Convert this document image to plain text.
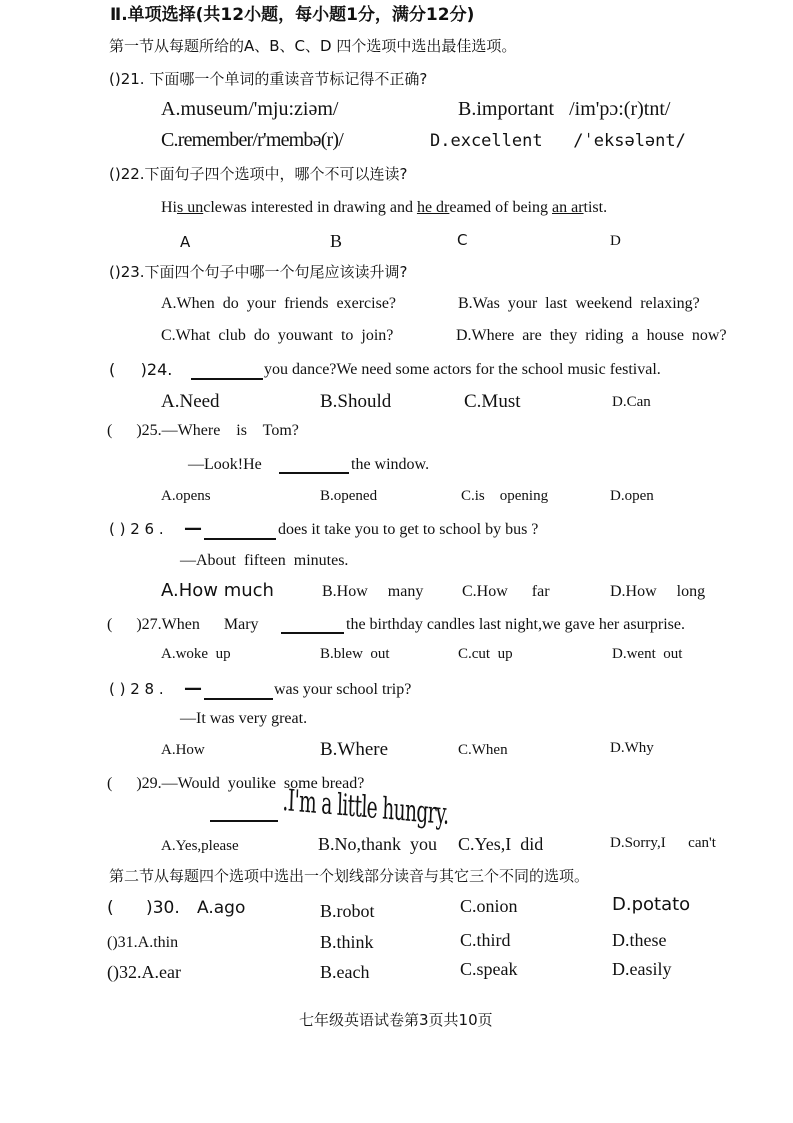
Ⅱ.单项选择(共12小题，每小题1分，满分12分)
第一节从每题所给的A、B、C、D 四个选项中选出最佳选项。
()21. 下面哪一个单词的重读音节标记得不正确?
A.museum/'mju:ziəm/	B.important   /im'pɔ:(r)tnt/
C.remember/r'membə(r)/	D.excellent   /ˈeksələnt/
()22.下面句子四个选项中，哪个不可以连读?
His unclewas interested in drawing and he dreamed of being an artist.
A	B	C	D
()23.下面四个句子中哪一个句尾应该读升调?
A.When  do  your  friends  exercise?	B.Was  your  last  weekend  relaxing?
C.What  club  do  youwant  to  join?	D.Where  are  they  riding  a  house  now?
(     )24.	you dance?We need some actors for the school music festival.
A.Need	B.Should	C.Must	D.Can
(      )25.—Where    is    Tom?
—Look!He	the window.
A.opens	B.opened	C.is    opening	D.open
( ) 2 6 . —	does it take you to get to school by bus ?
—About  fifteen  minutes.
A.How much	B.How     many C.How      far	D.How     long
(      )27.When      Mary	the birthday candles last night,we gave her asurprise.
A.woke  up	B.blew  out	C.cut  up	D.went  out
( ) 2 8 . —	was your school trip?
—It was very great.
A.How	B.Where	C.When	D.Why
(      )29.—Would  youlike  some bread?
.I'm a little hungry.
A.Yes,please	B.No,thank  you C.Yes,I  did	D.Sorry,I      can't
第二节从每题四个选项中选出一个划线部分读音与其它三个不同的选项。
(      )30. A.ago	B.robot	C.onion	D.potato
()31.A.thin	B.think	C.third	D.these
()32.A.ear	B.each	C.speak	D.easily
七年级英语试卷第3页共10页
